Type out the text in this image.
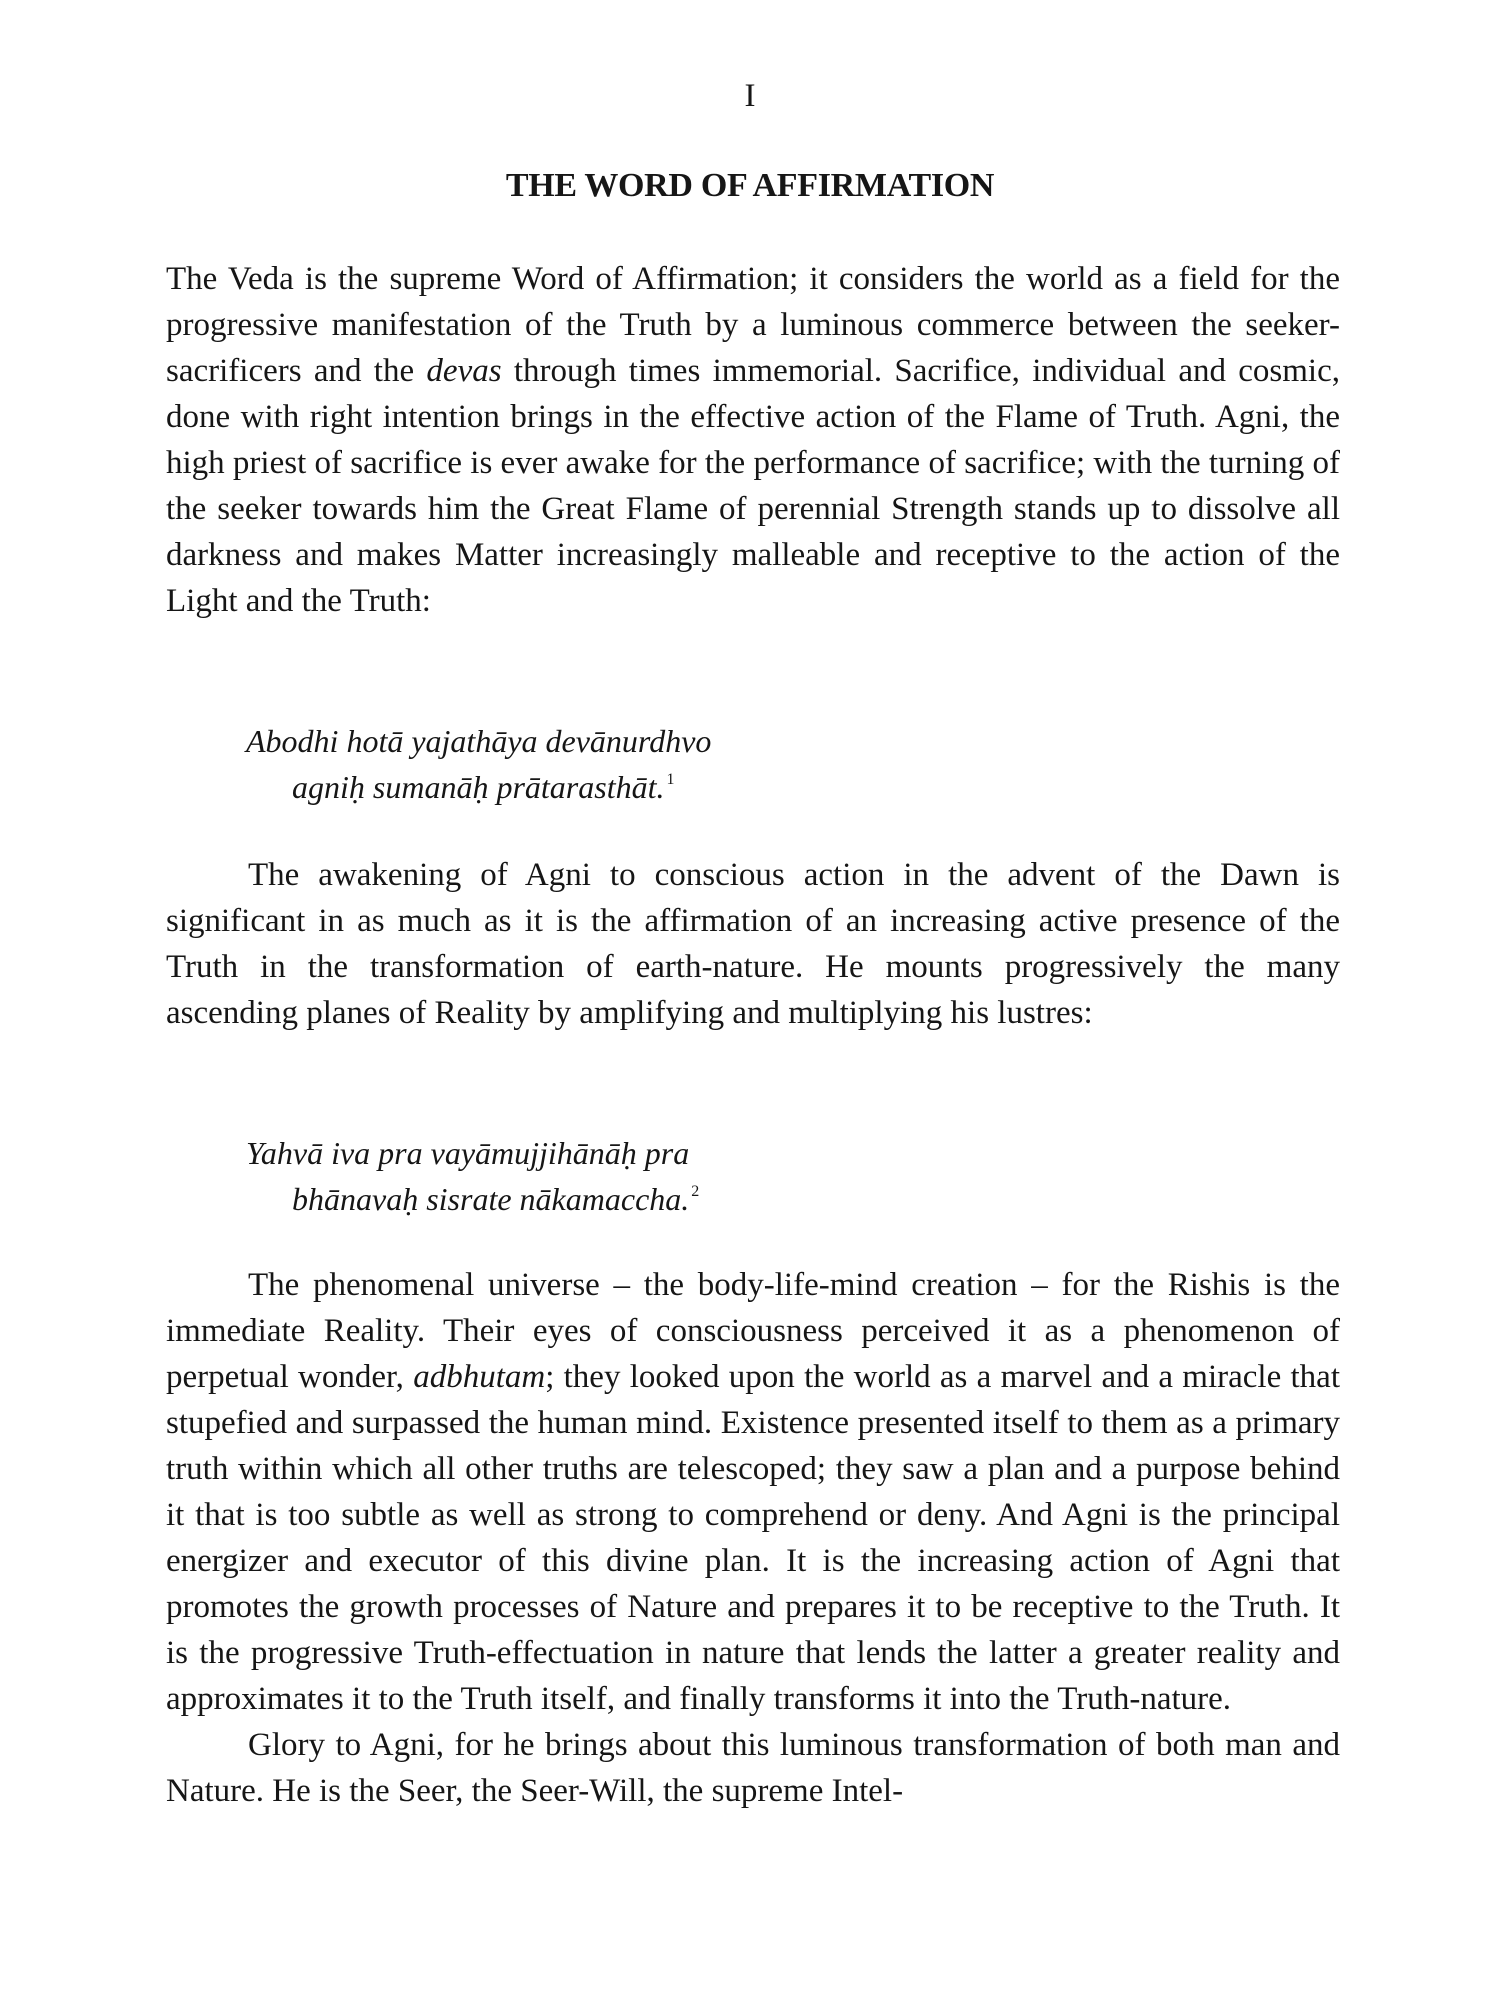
I
THE WORD OF AFFIRMATION

The Veda is the supreme Word of Affirmation; it considers the world as a field for the progressive manifestation of the Truth by a luminous commerce between the seeker-sacrificers and the devas through times immemorial. Sacrifice, individual and cosmic, done with right intention brings in the effective action of the Flame of Truth. Agni, the high priest of sacrifice is ever awake for the performance of sacrifice; with the turning of the seeker towards him the Great Flame of perennial Strength stands up to dissolve all darkness and makes Matter increasingly malleable and receptive to the action of the Light and the Truth:

Abodhi hotā yajathāya devānurdhvo
agniḥ sumanāḥ prātarasthāt. $^1$

The awakening of Agni to conscious action in the advent of the Dawn is significant in as much as it is the affirmation of an increasing active presence of the Truth in the transformation of earth-nature. He mounts progressively the many ascending planes of Reality by amplifying and multiplying his lustres:

Yahvā iva pra vayāmujjihānāḥ pra
bhānavaḥ sisrate nākamaccha. $^2$

The phenomenal universe – the body-life-mind creation – for the Rishis is the immediate Reality. Their eyes of consciousness perceived it as a phenomenon of perpetual wonder, adbhutam; they looked upon the world as a marvel and a miracle that stupefied and surpassed the human mind. Existence presented itself to them as a primary truth within which all other truths are telescoped; they saw a plan and a purpose behind it that is too subtle as well as strong to comprehend or deny. And Agni is the principal energizer and executor of this divine plan. It is the increasing action of Agni that promotes the growth processes of Nature and prepares it to be receptive to the Truth. It is the progressive Truth-effectuation in nature that lends the latter a greater reality and approximates it to the Truth itself, and finally transforms it into the Truth-nature.

Glory to Agni, for he brings about this luminous transformation of both man and Nature. He is the Seer, the Seer-Will, the supreme Intel-
